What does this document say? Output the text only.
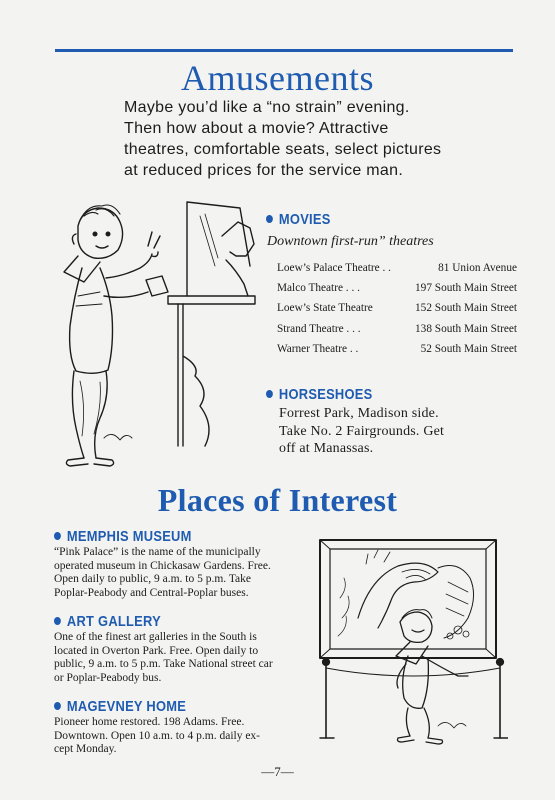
Amusements
Maybe you’d like a “no strain” evening.
Then how about a movie? Attractive
theatres, comfortable seats, select pictures
at reduced prices for the service man.
MOVIES
Downtown first-run” theatres
Loew’s Palace Theatre . .	81 Union Avenue
Malco Theatre . . .	197 South Main Street
Loew’s State Theatre	152 South Main Street
Strand Theatre . . .	138 South Main Street
Warner Theatre . .	52 South Main Street
HORSESHOES
Forrest Park, Madison side.
Take No. 2 Fairgrounds. Get
off at Manassas.
Places of Interest
MEMPHIS MUSEUM
“Pink Palace” is the name of the municipally
operated museum in Chickasaw Gardens. Free.
Open daily to public, 9 a.m. to 5 p.m. Take
Poplar-Peabody and Central-Poplar buses.
ART GALLERY
One of the finest art galleries in the South is
located in Overton Park. Free. Open daily to
public, 9 a.m. to 5 p.m. Take National street car
or Poplar-Peabody bus.
MAGEVNEY HOME
Pioneer home restored. 198 Adams. Free.
Downtown. Open 10 a.m. to 4 p.m. daily ex-
cept Monday.
—7—
